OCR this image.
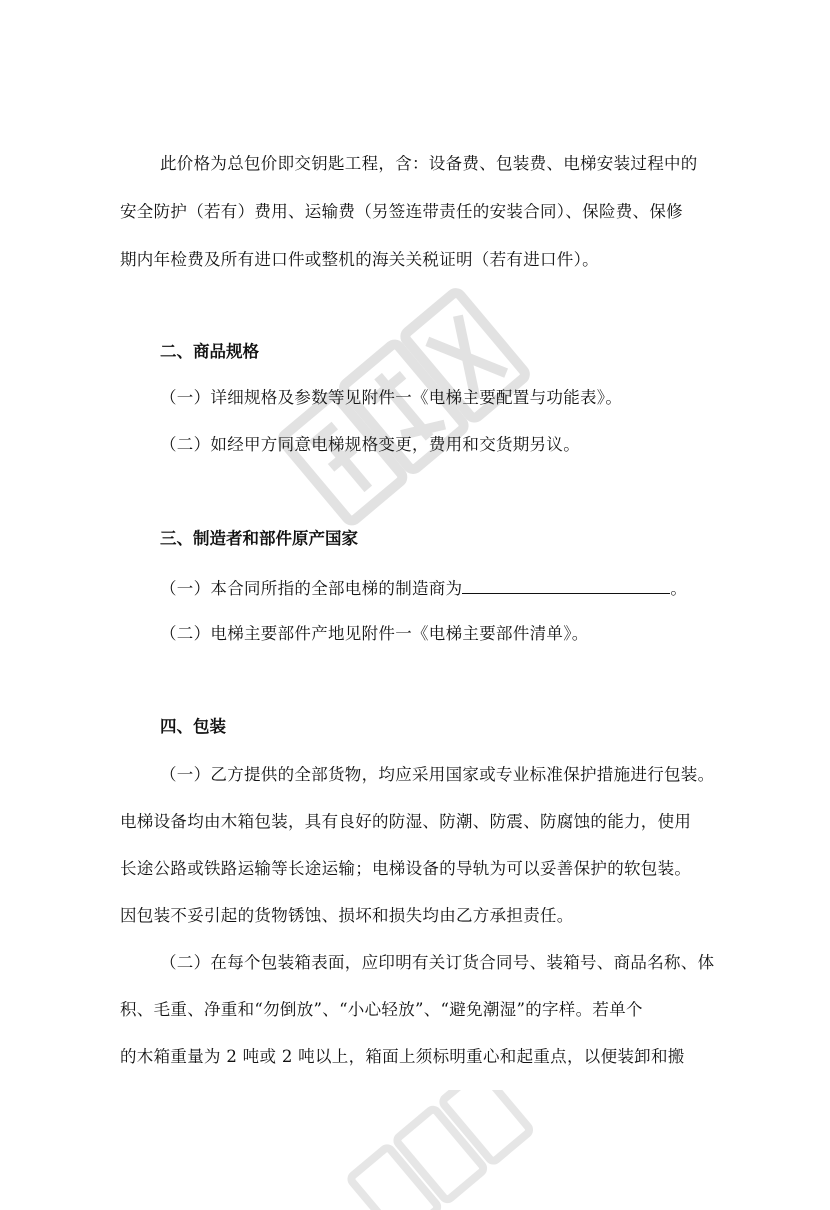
此价格为总包价即交钥匙工程，含：设备费、包装费、电梯安装过程中的
安全防护（若有）费用、运输费（另签连带责任的安装合同）、保险费、保修
期内年检费及所有进口件或整机的海关关税证明（若有进口件）。
二、商品规格
（一）详细规格及参数等见附件一《电梯主要配置与功能表》。
（二）如经甲方同意电梯规格变更，费用和交货期另议。
三、制造者和部件原产国家
（一）本合同所指的全部电梯的制造商为	。
（二）电梯主要部件产地见附件一《电梯主要部件清单》。
四、包装
（一）乙方提供的全部货物，均应采用国家或专业标准保护措施进行包装。
电梯设备均由木箱包装，具有良好的防湿、防潮、防震、防腐蚀的能力，使用
长途公路或铁路运输等长途运输；电梯设备的导轨为可以妥善保护的软包装。
因包装不妥引起的货物锈蚀、损坏和损失均由乙方承担责任。
（二）在每个包装箱表面，应印明有关订货合同号、装箱号、商品名称、体
积、毛重、净重和“勿倒放”、“小心轻放”、“避免潮湿”的字样。若单个
的木箱重量为 2 吨或 2 吨以上，箱面上须标明重心和起重点，以便装卸和搬
